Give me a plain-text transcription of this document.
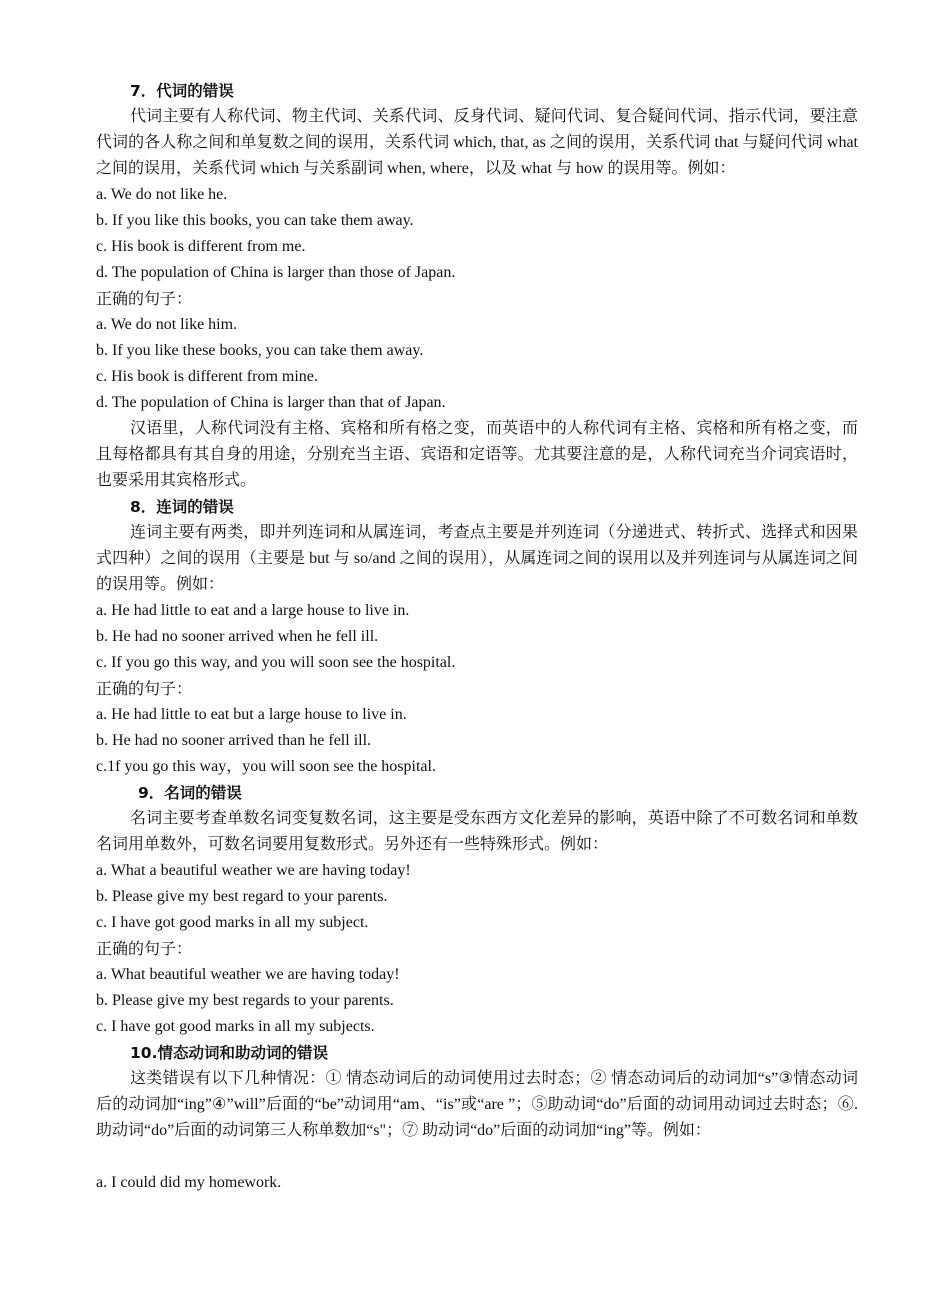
7．代词的错误
代词主要有人称代词、物主代词、关系代词、反身代词、疑问代词、复合疑问代词、指示代词，要注意代词的各人称之间和单复数之间的误用，关系代词 which, that, as 之间的误用，关系代词 that 与疑问代词 what 之间的误用，关系代词 which 与关系副词 when, where，以及 what 与 how 的误用等。例如：
a. We do not like he.
b. If you like this books, you can take them away.
c. His book is different from me.
d. The population of China is larger than those of Japan.
正确的句子：
a. We do not like him.
b. If you like these books, you can take them away.
c. His book is different from mine.
d. The population of China is larger than that of Japan.
汉语里，人称代词没有主格、宾格和所有格之变，而英语中的人称代词有主格、宾格和所有格之变，而且每格都具有其自身的用途，分别充当主语、宾语和定语等。尤其要注意的是，人称代词充当介词宾语时，也要采用其宾格形式。
8．连词的错误
连词主要有两类，即并列连词和从属连词，考查点主要是并列连词（分递进式、转折式、选择式和因果式四种）之间的误用（主要是 but 与 so/and 之间的误用），从属连词之间的误用以及并列连词与从属连词之间的误用等。例如：
a. He had little to eat and a large house to live in.
b. He had no sooner arrived when he fell ill.
c. If you go this way, and you will soon see the hospital.
正确的句子：
a. He had little to eat but a large house to live in.
b. He had no sooner arrived than he fell ill.
c.1f you go this way，you will soon see the hospital.
9．名词的错误
名词主要考查单数名词变复数名词，这主要是受东西方文化差异的影响，英语中除了不可数名词和单数名词用单数外，可数名词要用复数形式。另外还有一些特殊形式。例如：
a. What a beautiful weather we are having today!
b. Please give my best regard to your parents.
c. I have got good marks in all my subject.
正确的句子：
a. What beautiful weather we are having today!
b. Please give my best regards to your parents.
c. I have got good marks in all my subjects.
10.情态动词和助动词的错误
这类错误有以下几种情况：① 情态动词后的动词使用过去时态；② 情态动词后的动词加“s”③情态动词后的动词加“ing”④”will”后面的“be”动词用“am、“is”或“are ”；⑤助动词“do”后面的动词用动词过去时态；⑥.助动词“do”后面的动词第三人称单数加“s"；⑦ 助动词“do”后面的动词加“ing”等。例如：
a. I could did my homework.
